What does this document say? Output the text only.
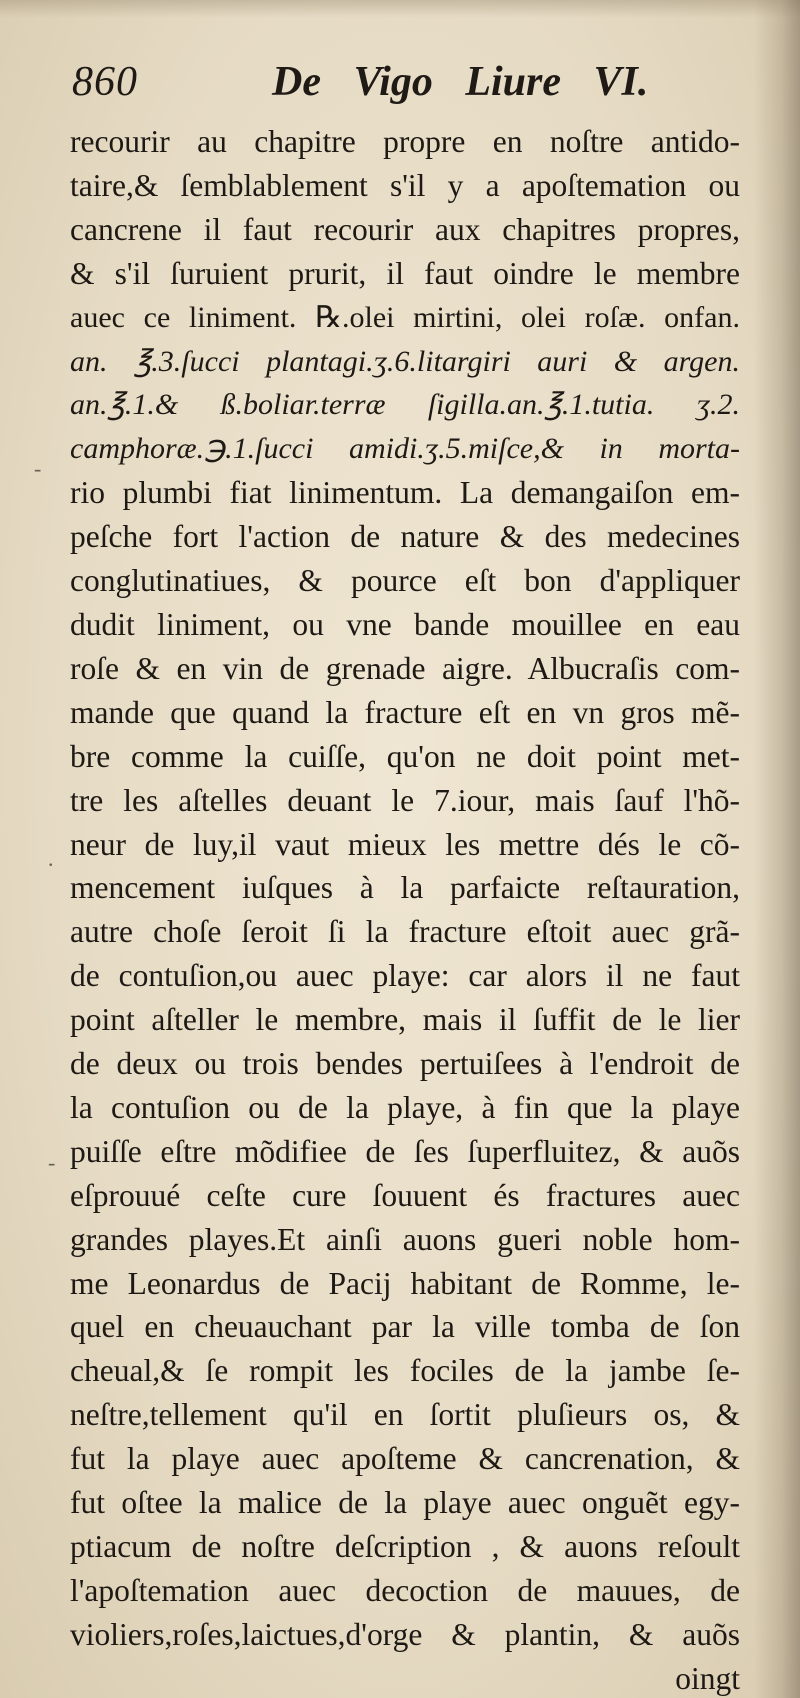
860	De Vigo Liure VI.
recourir au chapitre propre en noſtre antido-
taire,& ſemblablement s'il y a apoſtemation ou
cancrene il faut recourir aux chapitres propres,
& s'il ſuruient prurit, il faut oindre le membre
auec ce liniment. ℞.olei mirtini, olei roſæ. onfan.
an. ℥.3.ſucci plantagi.ʒ.6.litargiri auri & argen.
an.℥.1.& ß.boliar.terræ ſigilla.an.℥.1.tutia. ʒ.2.
camphoræ.℈.1.ſucci amidi.ʒ.5.miſce,& in morta-
rio plumbi fiat linimentum. La demangaiſon em-
peſche fort l'action de nature & des medecines
conglutinatiues, & pource eſt bon d'appliquer
dudit liniment, ou vne bande mouillee en eau
roſe & en vin de grenade aigre. Albucraſis com-
mande que quand la fracture eſt en vn gros mẽ-
bre comme la cuiſſe, qu'on ne doit point met-
tre les aſtelles deuant le 7.iour, mais ſauf l'hõ-
neur de luy,il vaut mieux les mettre dés le cõ-
mencement iuſques à la parfaicte reſtauration,
autre choſe ſeroit ſi la fracture eſtoit auec grã-
de contuſion,ou auec playe: car alors il ne faut
point aſteller le membre, mais il ſuffit de le lier
de deux ou trois bendes pertuiſees à l'endroit de
la contuſion ou de la playe, à fin que la playe
puiſſe eſtre mõdifiee de ſes ſuperfluitez, & auõs
eſprouué ceſte cure ſouuent és fractures auec
grandes playes.Et ainſi auons gueri noble hom-
me Leonardus de Pacij habitant de Romme, le-
quel en cheuauchant par la ville tomba de ſon
cheual,& ſe rompit les fociles de la jambe ſe-
neſtre,tellement qu'il en ſortit pluſieurs os, &
fut la playe auec apoſteme & cancrenation, &
fut oſtee la malice de la playe auec onguẽt egy-
ptiacum de noſtre deſcription , & auons reſoult
l'apoſtemation auec decoction de mauues, de
violiers,roſes,laictues,d'orge & plantin, & auõs
oingt
-
.
-
